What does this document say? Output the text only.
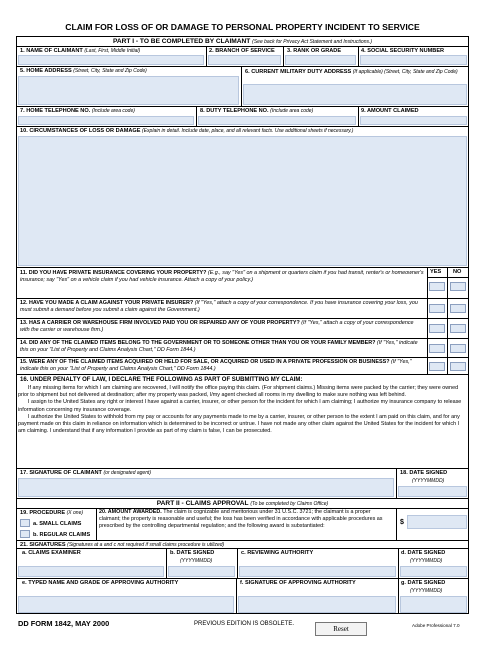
CLAIM FOR LOSS OF OR DAMAGE TO PERSONAL PROPERTY INCIDENT TO SERVICE
PART I - TO BE COMPLETED BY CLAIMANT (See back for Privacy Act Statement and Instructions.)
1. NAME OF CLAIMANT (Last, First, Middle Initial)	2. BRANCH OF SERVICE 3. RANK OR GRADE	4. SOCIAL SECURITY NUMBER
5. HOME ADDRESS (Street, City, State and Zip Code)	6. CURRENT MILITARY DUTY ADDRESS (If applicable) (Street, City, State and Zip Code)
7. HOME TELEPHONE NO. (Include area code)	8. DUTY TELEPHONE NO. (Include area code)	9. AMOUNT CLAIMED
10. CIRCUMSTANCES OF LOSS OR DAMAGE (Explain in detail. Include date, place, and all relevant facts. Use additional sheets if necessary.)
YES NO
11. DID YOU HAVE PRIVATE INSURANCE COVERING YOUR PROPERTY? (E.g., say "Yes" on a shipment or quarters claim if you had transit, renter's or homeowner's insurance; say "Yes" on a vehicle claim if you had vehicle insurance. Attach a copy of your policy.)
12. HAVE YOU MADE A CLAIM AGAINST YOUR PRIVATE INSURER? (If "Yes," attach a copy of your correspondence. If you have insurance covering your loss, you must submit a demand before you submit a claim against the Government.)
13. HAS A CARRIER OR WAREHOUSE FIRM INVOLVED PAID YOU OR REPAIRED ANY OF YOUR PROPERTY? (If "Yes," attach a copy of your correspondence with the carrier or warehouse firm.)
14. DID ANY OF THE CLAIMED ITEMS BELONG TO THE GOVERNMENT OR TO SOMEONE OTHER THAN YOU OR YOUR FAMILY MEMBER? (If "Yes," indicate this on your "List of Property and Claims Analysis Chart," DD Form 1844.)
15. WERE ANY OF THE CLAIMED ITEMS ACQUIRED OR HELD FOR SALE, OR ACQUIRED OR USED IN A PRIVATE PROFESSION OR BUSINESS? (If "Yes," indicate this on your "List of Property and Claims Analysis Chart," DD Form 1844.)
16. UNDER PENALTY OF LAW, I DECLARE THE FOLLOWING AS PART OF SUBMITTING MY CLAIM:
If any missing items for which I am claiming are recovered, I will notify the office paying this claim. (For shipment claims.) Missing items were packed by the carrier; they were owned prior to shipment but not delivered at destination; after my property was packed, I/my agent checked all rooms in my dwelling to make sure nothing was left behind.
I assign to the United States any right or interest I have against a carrier, insurer, or other person for the incident for which I am claiming; I authorize my insurance company to release information concerning my insurance coverage.
I authorize the United States to withhold from my pay or accounts for any payments made to me by a carrier, insurer, or other person to the extent I am paid on this claim, and for any payment made on this claim in reliance on information which is determined to be incorrect or untrue. I have not made any other claim against the United States for the incident for which I am claiming. I understand that if any information I provide as part of my claim is false, I can be prosecuted.
17. SIGNATURE OF CLAIMANT (or designated agent)	18. DATE SIGNED
(YYYYMMDD)
PART II - CLAIMS APPROVAL (To be completed by Claims Office)
19. PROCEDURE (X one)
a. SMALL CLAIMS
b. REGULAR CLAIMS
20. AMOUNT AWARDED. The claim is cognizable and meritorious under 31 U.S.C. 3721; the claimant is a proper claimant; the property is reasonable and useful; the loss has been verified in accordance with applicable procedures as prescribed by the controlling departmental regulation; and the following award is substantiated:	$
21. SIGNATURES (Signatures at a and c not required if small claims procedure is utilized)
a. CLAIMS EXAMINER	b. DATE SIGNED
(YYYYMMDD)
c. REVIEWING AUTHORITY	d. DATE SIGNED
(YYYYMMDD)
e. TYPED NAME AND GRADE OF APPROVING AUTHORITY	f. SIGNATURE OF APPROVING AUTHORITY	g. DATE SIGNED
(YYYYMMDD)
DD FORM 1842, MAY 2000	PREVIOUS EDITION IS OBSOLETE.
Reset	Adobe Professional 7.0
